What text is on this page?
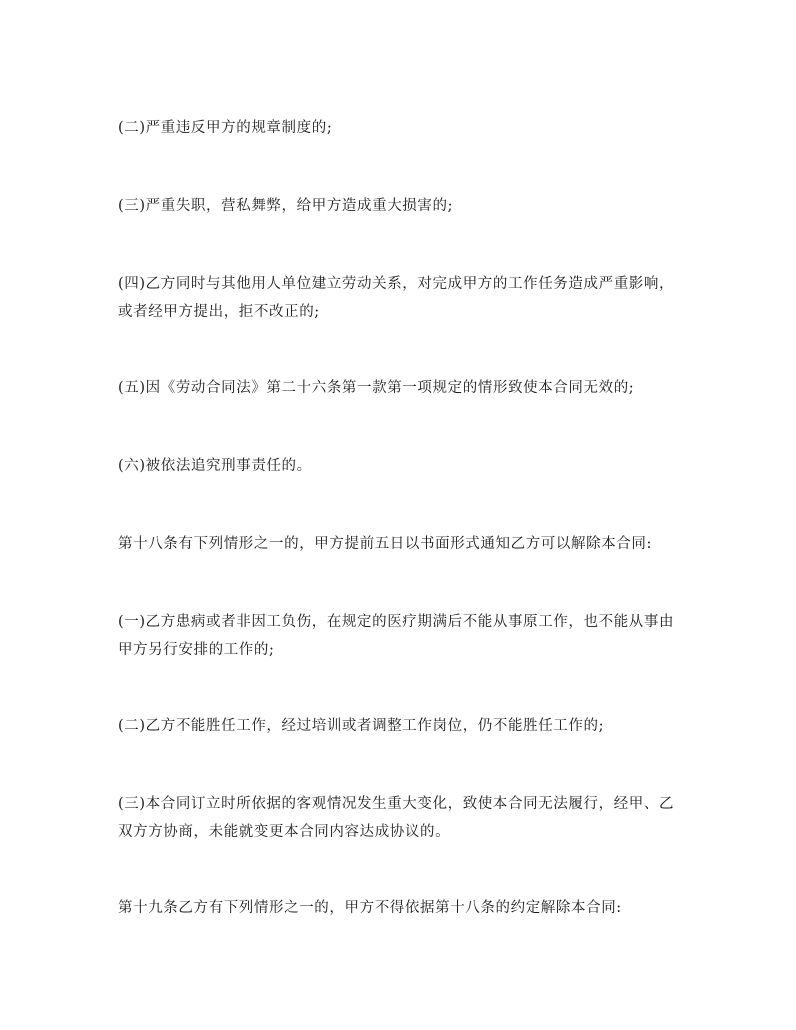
(二)严重违反甲方的规章制度的;

(三)严重失职，营私舞弊，给甲方造成重大损害的;

(四)乙方同时与其他用人单位建立劳动关系，对完成甲方的工作任务造成严重影响，或者经甲方提出，拒不改正的;

(五)因《劳动合同法》第二十六条第一款第一项规定的情形致使本合同无效的;

(六)被依法追究刑事责任的。

第十八条有下列情形之一的，甲方提前五日以书面形式通知乙方可以解除本合同:

(一)乙方患病或者非因工负伤，在规定的医疗期满后不能从事原工作，也不能从事由甲方另行安排的工作的;

(二)乙方不能胜任工作，经过培训或者调整工作岗位，仍不能胜任工作的;

(三)本合同订立时所依据的客观情况发生重大变化，致使本合同无法履行，经甲、乙双方方协商，未能就变更本合同内容达成协议的。

第十九条乙方有下列情形之一的，甲方不得依据第十八条的约定解除本合同:
